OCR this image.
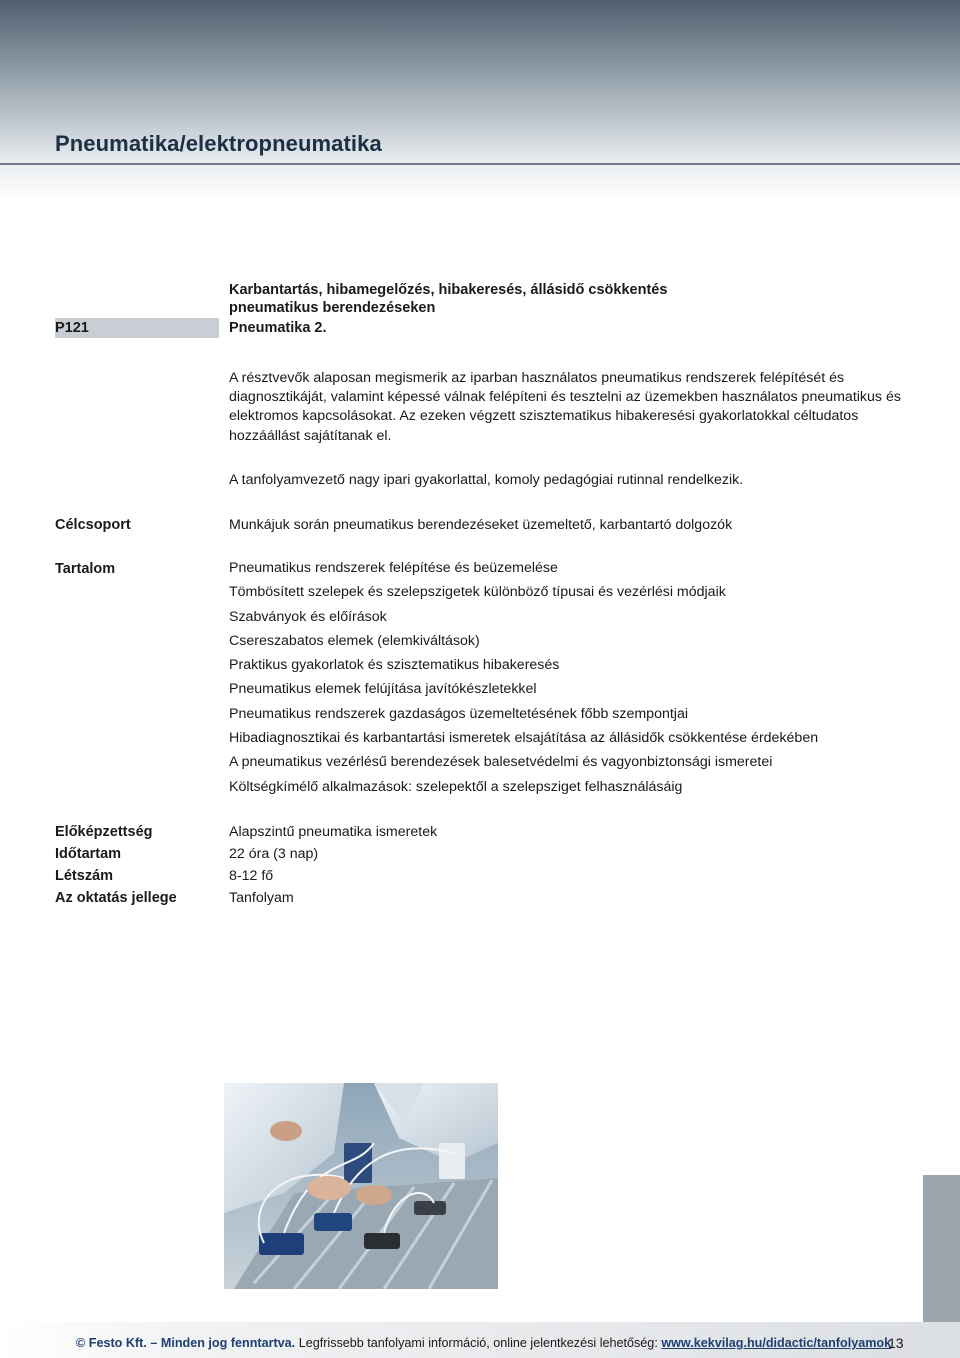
Pneumatika/elektropneumatika
Karbantartás, hibamegelőzés, hibakeresés, állásidő csökkentés pneumatikus berendezéseken
P121	Pneumatika 2.

A résztvevők alaposan megismerik az iparban használatos pneumatikus rendszerek felépítését és diagnosztikáját, valamint képessé válnak felépíteni és tesztelni az üzemekben használatos pneumatikus és elektromos kapcsolásokat. Az ezeken végzett szisztematikus hibakeresési gyakorlatokkal céltudatos hozzáállást sajátítanak el.

A tanfolyamvezető nagy ipari gyakorlattal, komoly pedagógiai rutinnal rendelkezik.

Célcsoport	Munkájuk során pneumatikus berendezéseket üzemeltető, karbantartó dolgozók
Tartalom	Pneumatikus rendszerek felépítése és beüzemelése
Tömbösített szelepek és szelepszigetek különböző típusai és vezérlési módjaik
Szabványok és előírások
Csereszabatos elemek (elemkiváltások)
Praktikus gyakorlatok és szisztematikus hibakeresés
Pneumatikus elemek felújítása javítókészletekkel
Pneumatikus rendszerek gazdaságos üzemeltetésének főbb szempontjai
Hibadiagnosztikai és karbantartási ismeretek elsajátítása az állásidők csökkentése érdekében
A pneumatikus vezérlésű berendezések balesetvédelmi és vagyonbiztonsági ismeretei
Költségkímélő alkalmazások: szelepektől a szelepsziget felhasználásáig
Előképzettség	Alapszintű pneumatika ismeretek
Időtartam	22 óra (3 nap)
Létszám	8-12 fő
Az oktatás jellege	Tanfolyam
© Festo Kft. – Minden jog fenntartva. Legfrissebb tanfolyami információ, online jelentkezési lehetőség: www.kekvilag.hu/didactic/tanfolyamok
13
